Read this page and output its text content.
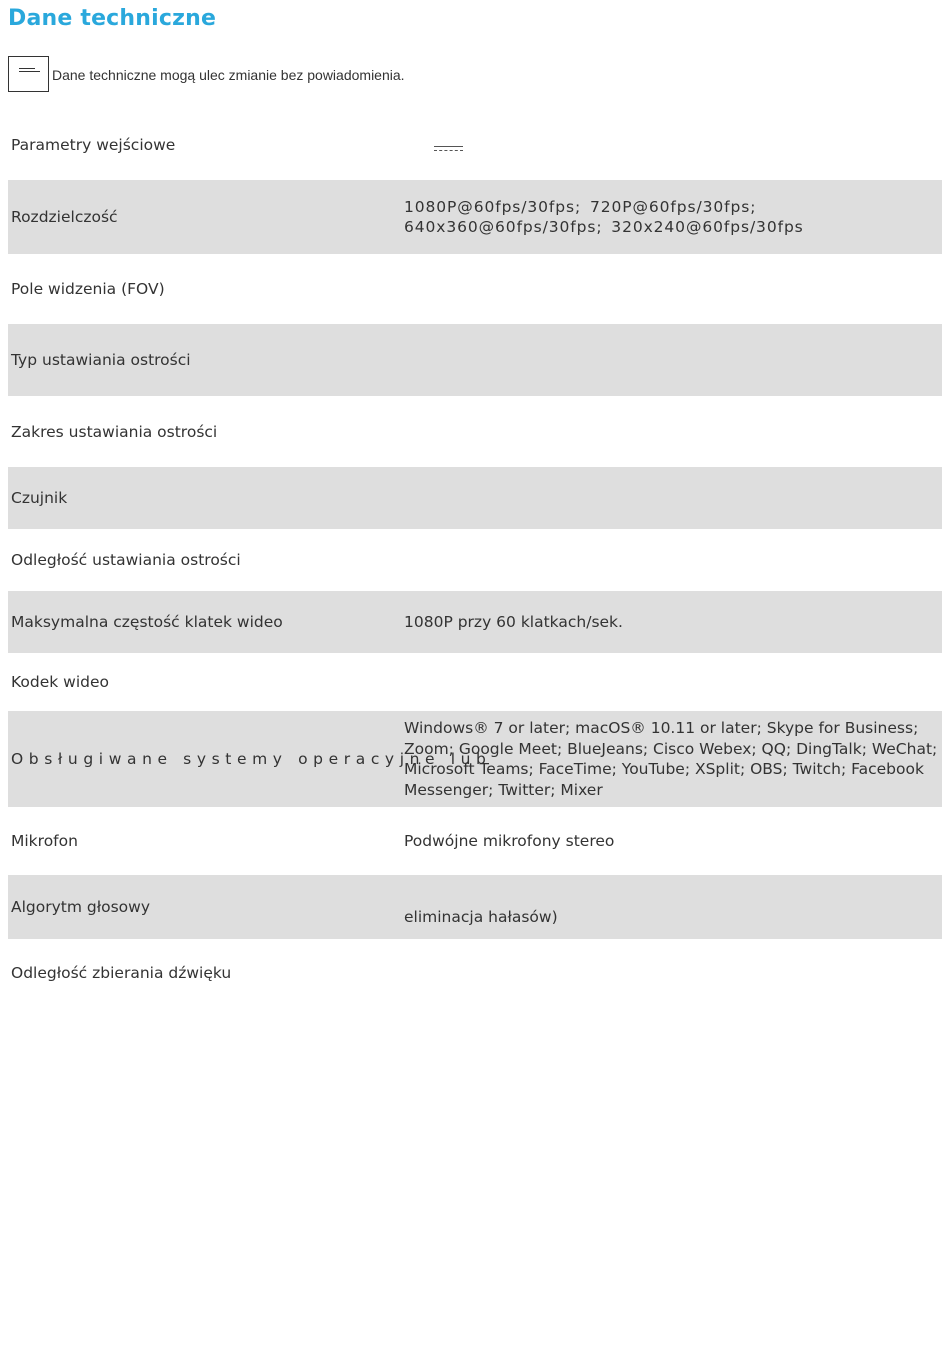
Dane techniczne
Dane techniczne mogą ulec zmianie bez powiadomienia.
Parametry wejściowe
Rozdzielczość
1080P@60fps/30fps; 720P@60fps/30fps; 640x360@60fps/30fps; 320x240@60fps/30fps
Pole widzenia (FOV)
Typ ustawiania ostrości
Zakres ustawiania ostrości
Czujnik
Odległość ustawiania ostrości
Maksymalna częstość klatek wideo	1080P przy 60 klatkach/sek.
Kodek wideo
Obsługiwane systemy operacyjne lub
Windows® 7 or later; macOS® 10.11 or later; Skype for Business; Zoom; Google Meet; BlueJeans; Cisco Webex; QQ; DingTalk; WeChat; Microsoft Teams; FaceTime; YouTube; XSplit; OBS; Twitch; Facebook Messenger; Twitter; Mixer
Mikrofon	Podwójne mikrofony stereo
Algorytm głosowy
eliminacja hałasów)
Odległość zbierania dźwięku
